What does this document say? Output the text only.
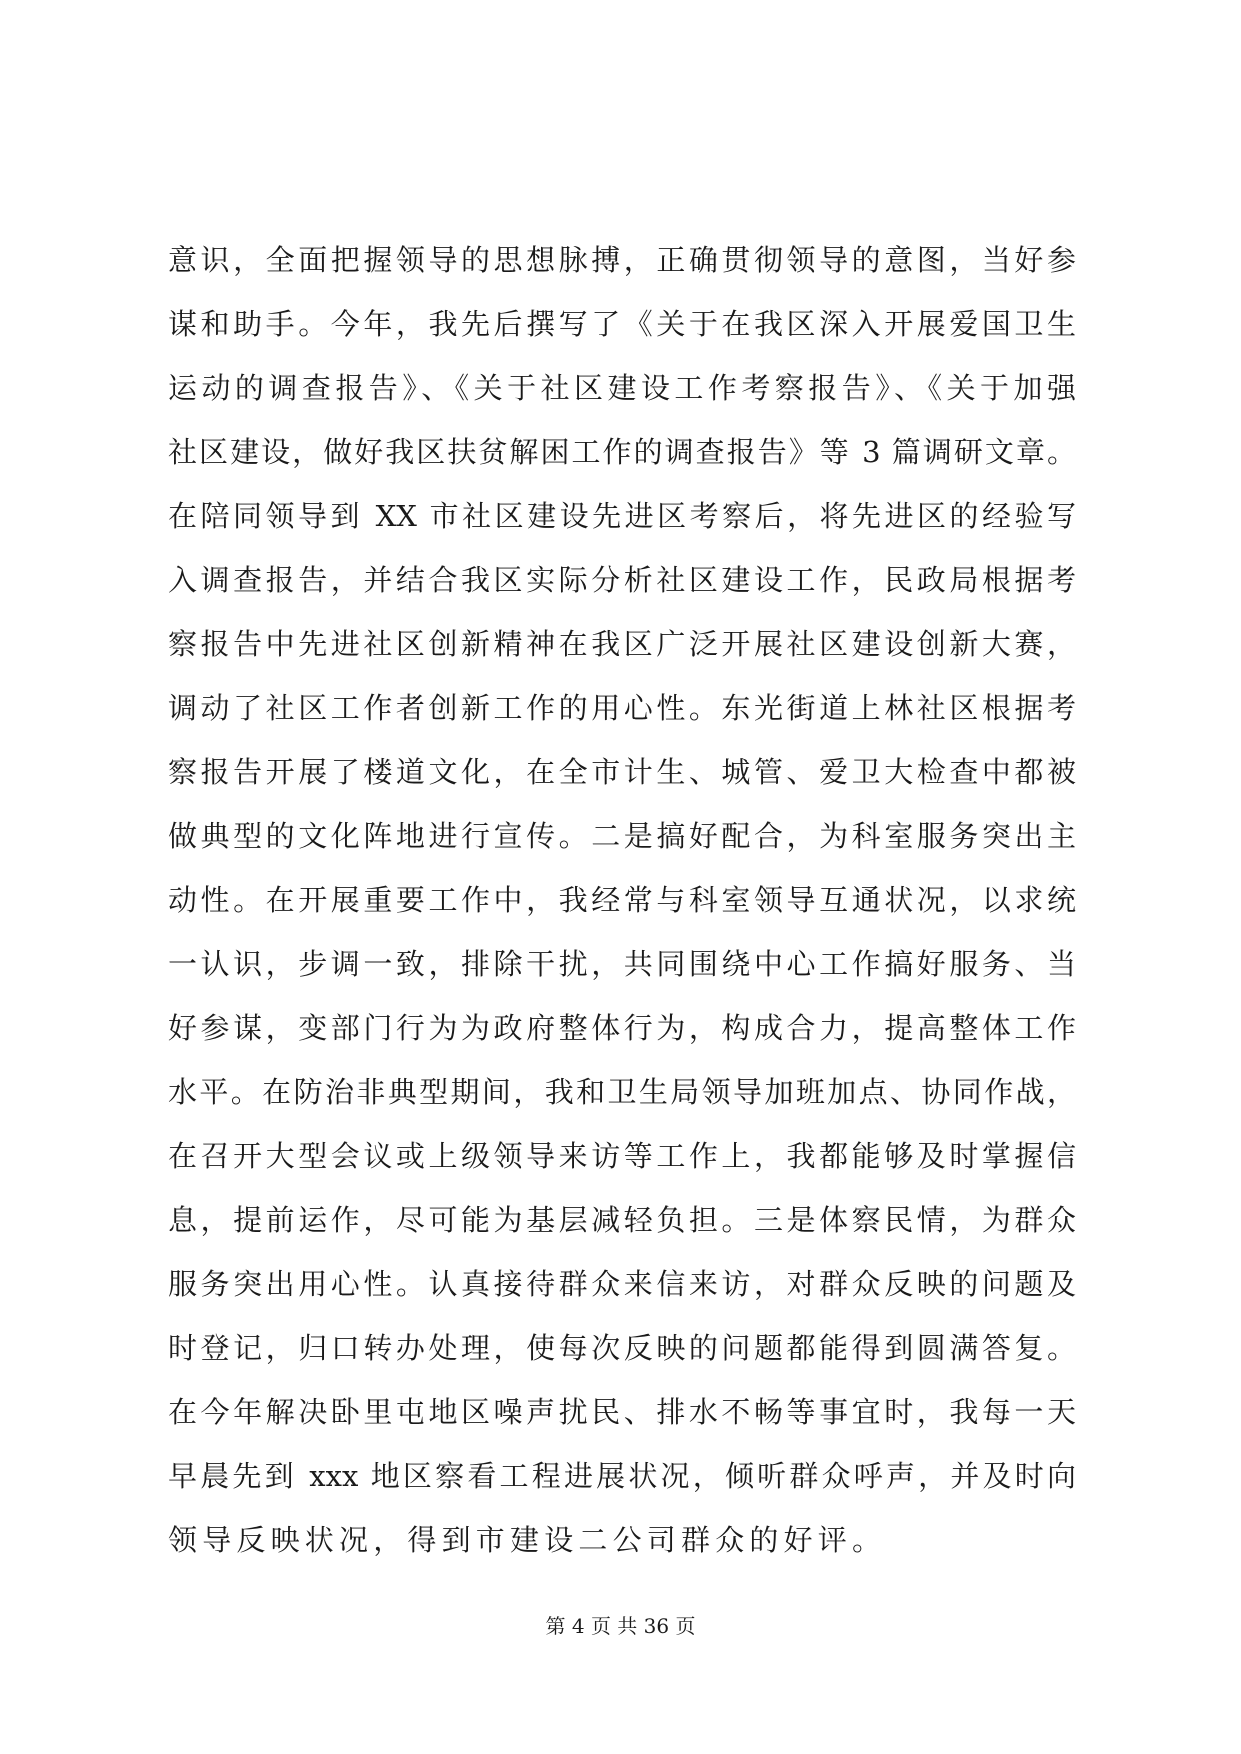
意识，全面把握领导的思想脉搏，正确贯彻领导的意图，当好参
谋和助手。今年，我先后撰写了《关于在我区深入开展爱国卫生
运动的调查报告》、《关于社区建设工作考察报告》、《关于加强
社区建设，做好我区扶贫解困工作的调查报告》等 3 篇调研文章。
在陪同领导到 XX 市社区建设先进区考察后，将先进区的经验写
入调查报告，并结合我区实际分析社区建设工作，民政局根据考
察报告中先进社区创新精神在我区广泛开展社区建设创新大赛，
调动了社区工作者创新工作的用心性。东光街道上林社区根据考
察报告开展了楼道文化，在全市计生、城管、爱卫大检查中都被
做典型的文化阵地进行宣传。二是搞好配合，为科室服务突出主
动性。在开展重要工作中，我经常与科室领导互通状况，以求统
一认识，步调一致，排除干扰，共同围绕中心工作搞好服务、当
好参谋，变部门行为为政府整体行为，构成合力，提高整体工作
水平。在防治非典型期间，我和卫生局领导加班加点、协同作战，
在召开大型会议或上级领导来访等工作上，我都能够及时掌握信
息，提前运作，尽可能为基层减轻负担。三是体察民情，为群众
服务突出用心性。认真接待群众来信来访，对群众反映的问题及
时登记，归口转办处理，使每次反映的问题都能得到圆满答复。
在今年解决卧里屯地区噪声扰民、排水不畅等事宜时，我每一天
早晨先到 xxx 地区察看工程进展状况，倾听群众呼声，并及时向
领导反映状况，得到市建设二公司群众的好评。
第 4 页 共 36 页
